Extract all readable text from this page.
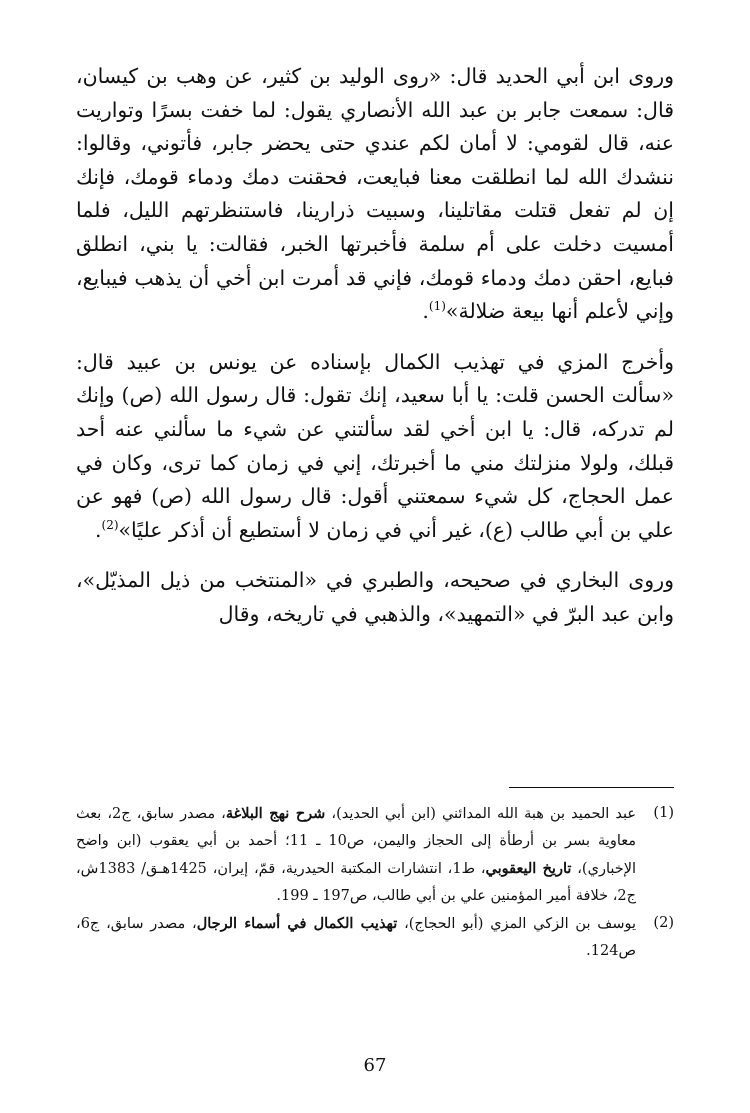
وروى ابن أبي الحديد قال: «روى الوليد بن كثير، عن وهب بن كيسان، قال: سمعت جابر بن عبد الله الأنصاري يقول: لما خفت بسرًا وتواريت عنه، قال لقومي: لا أمان لكم عندي حتى يحضر جابر، فأتوني، وقالوا: ننشدك الله لما انطلقت معنا فبايعت، فحقنت دمك ودماء قومك، فإنك إن لم تفعل قتلت مقاتلينا، وسبيت ذرارينا، فاستنظرتهم الليل، فلما أمسيت دخلت على أم سلمة فأخبرتها الخبر، فقالت: يا بني، انطلق فبايع، احقن دمك ودماء قومك، فإني قد أمرت ابن أخي أن يذهب فيبايع، وإني لأعلم أنها بيعة ضلالة»$^{(1)}$.

وأخرج المزي في تهذيب الكمال بإسناده عن يونس بن عبيد قال: «سألت الحسن قلت: يا أبا سعيد، إنك تقول: قال رسول الله (ص) وإنك لم تدركه، قال: يا ابن أخي لقد سألتني عن شيء ما سألني عنه أحد قبلك، ولولا منزلتك مني ما أخبرتك، إني في زمان كما ترى، وكان في عمل الحجاج، كل شيء سمعتني أقول: قال رسول الله (ص) فهو عن علي بن أبي طالب (ع)، غير أني في زمان لا أستطيع أن أذكر عليًا»$^{(2)}$.

وروى البخاري في صحيحه، والطبري في «المنتخب من ذيل المذيّل»، وابن عبد البرّ في «التمهيد»، والذهبي في تاريخه، وقال

(1)
عبد الحميد بن هبة الله المدائني (ابن أبي الحديد)، شرح نهج البلاغة، مصدر سابق، ج2، بعث معاوية بسر بن أرطأة إلى الحجاز واليمن، ص10 ـ 11؛ أحمد بن أبي يعقوب (ابن واضح الإخباري)، تاريخ اليعقوبي، ط1، انتشارات المكتبة الحيدرية، قمّ، إيران، 1425هـق/ 1383ش، ج2، خلافة أمير المؤمنين علي بن أبي طالب، ص197 ـ 199.
(2)
يوسف بن الزكي المزي (أبو الحجاج)، تهذيب الكمال في أسماء الرجال، مصدر سابق، ج6، ص124.
67
